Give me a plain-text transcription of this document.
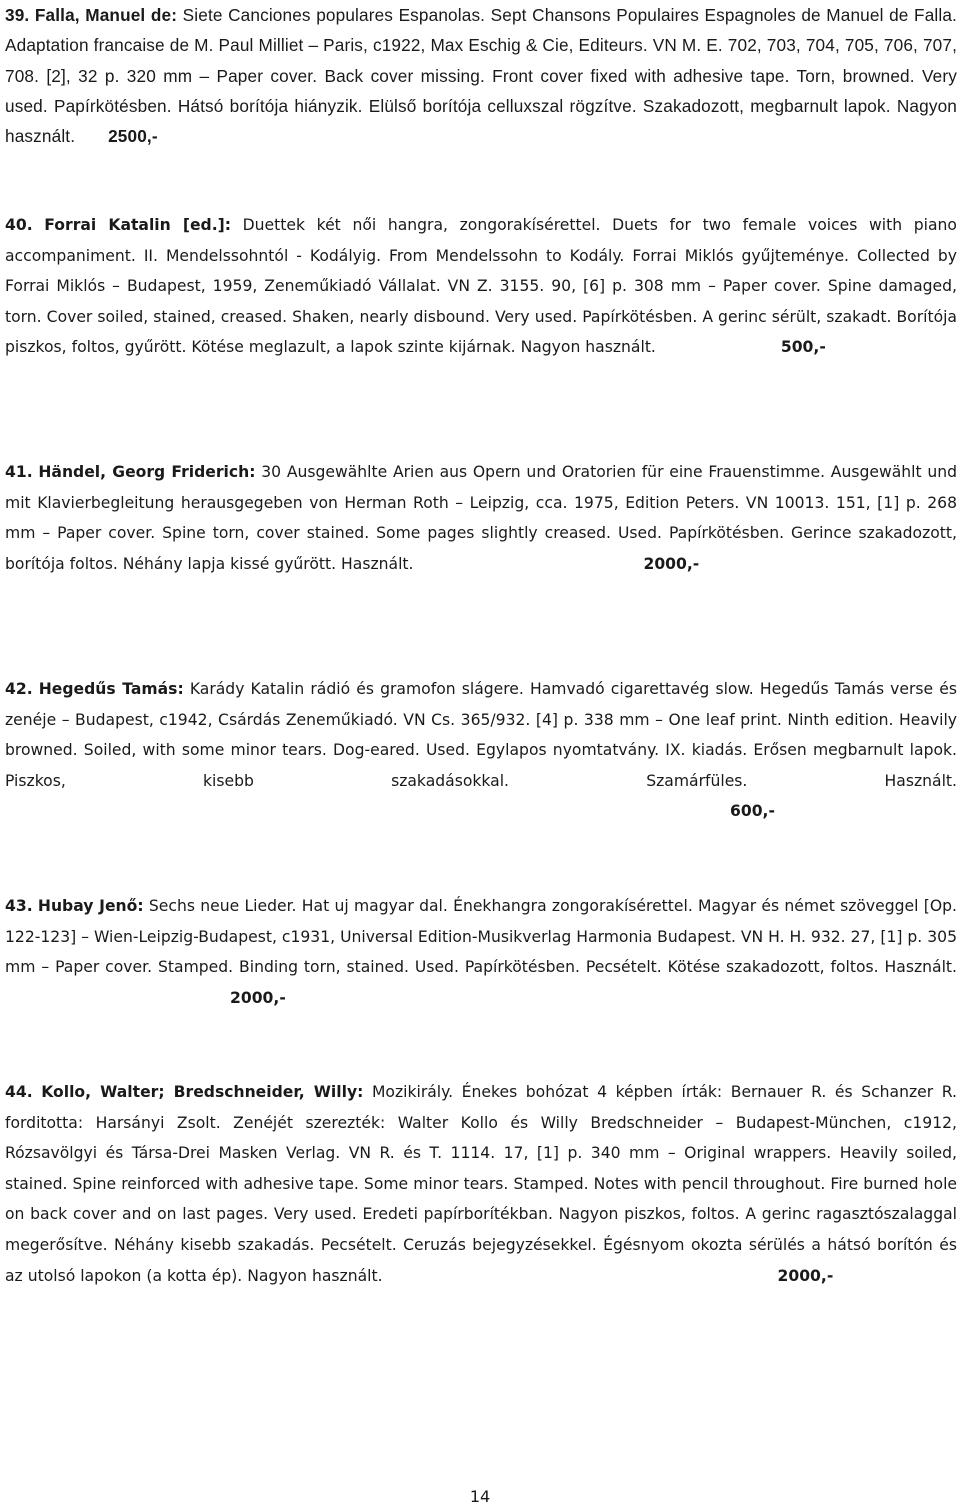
39. Falla, Manuel de: Siete Canciones populares Espanolas. Sept Chansons Populaires Espagnoles de Manuel de Falla. Adaptation francaise de M. Paul Milliet – Paris, c1922, Max Eschig & Cie, Editeurs. VN M. E. 702, 703, 704, 705, 706, 707, 708. [2], 32 p. 320 mm – Paper cover. Back cover missing. Front cover fixed with adhesive tape. Torn, browned. Very used. Papírkötésben. Hátsó borítója hiányzik. Elülső borítója celluxszal rögzítve. Szakadozott, megbarnult lapok. Nagyon használt. 2500,-

40. Forrai Katalin [ed.]: Duettek két női hangra, zongorakísérettel. Duets for two female voices with piano accompaniment. II. Mendelssohntól - Kodályig. From Mendelssohn to Kodály. Forrai Miklós gyűjteménye. Collected by Forrai Miklós – Budapest, 1959, Zeneműkiadó Vállalat. VN Z. 3155. 90, [6] p. 308 mm – Paper cover. Spine damaged, torn. Cover soiled, stained, creased. Shaken, nearly disbound. Very used. Papírkötésben. A gerinc sérült, szakadt. Borítója piszkos, foltos, gyűrött. Kötése meglazult, a lapok szinte kijárnak. Nagyon használt.	500,-

41. Händel, Georg Friderich: 30 Ausgewählte Arien aus Opern und Oratorien für eine Frauenstimme. Ausgewählt und mit Klavierbegleitung herausgegeben von Herman Roth – Leipzig, cca. 1975, Edition Peters. VN 10013. 151, [1] p. 268 mm – Paper cover. Spine torn, cover stained. Some pages slightly creased. Used. Papírkötésben. Gerince szakadozott, borítója foltos. Néhány lapja kissé gyűrött. Használt.	2000,-

42. Hegedűs Tamás: Karády Katalin rádió és gramofon slágere. Hamvadó cigarettavég slow. Hegedűs Tamás verse és zenéje – Budapest, c1942, Csárdás Zeneműkiadó. VN Cs. 365/932. [4] p. 338 mm – One leaf print. Ninth edition. Heavily browned. Soiled, with some minor tears. Dog-eared. Used. Egylapos nyomtatvány. IX. kiadás. Erősen megbarnult lapok. Piszkos, kisebb szakadásokkal. Szamárfüles. Használt. 600,-

43. Hubay Jenő: Sechs neue Lieder. Hat uj magyar dal. Énekhangra zongorakísérettel. Magyar és német szöveggel [Op. 122-123] – Wien-Leipzig-Budapest, c1931, Universal Edition-Musikverlag Harmonia Budapest. VN H. H. 932. 27, [1] p. 305 mm – Paper cover. Stamped. Binding torn, stained. Used. Papírkötésben. Pecsételt. Kötése szakadozott, foltos. Használt. 2000,-

44. Kollo, Walter; Bredschneider, Willy: Mozikirály. Énekes bohózat 4 képben írták: Bernauer R. és Schanzer R. forditotta: Harsányi Zsolt. Zenéjét szerezték: Walter Kollo és Willy Bredschneider – Budapest-München, c1912, Rózsavölgyi és Társa-Drei Masken Verlag. VN R. és T. 1114. 17, [1] p. 340 mm – Original wrappers. Heavily soiled, stained. Spine reinforced with adhesive tape. Some minor tears. Stamped. Notes with pencil throughout. Fire burned hole on back cover and on last pages. Very used. Eredeti papírborítékban. Nagyon piszkos, foltos. A gerinc ragasztószalaggal megerősítve. Néhány kisebb szakadás. Pecsételt. Ceruzás bejegyzésekkel. Égésnyom okozta sérülés a hátsó borítón és az utolsó lapokon (a kotta ép). Nagyon használt.	2000,-

14
